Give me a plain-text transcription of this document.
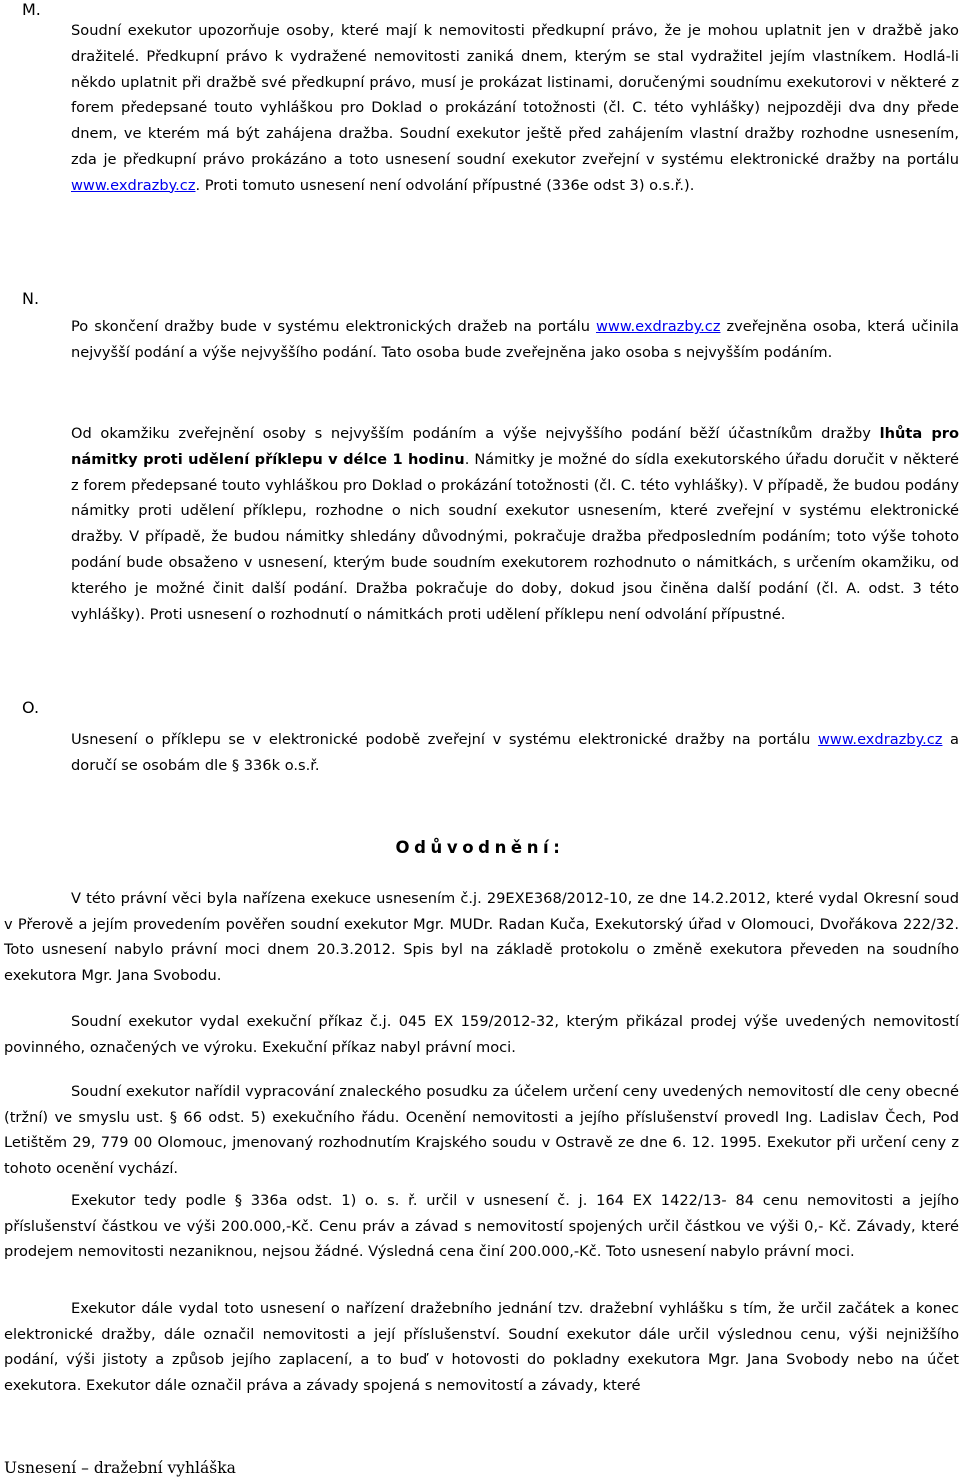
M.

Soudní exekutor upozorňuje osoby, které mají k nemovitosti předkupní právo, že je mohou uplatnit jen v dražbě jako dražitelé. Předkupní právo k vydražené nemovitosti zaniká dnem, kterým se stal vydražitel jejím vlastníkem. Hodlá-li někdo uplatnit při dražbě své předkupní právo, musí je prokázat listinami, doručenými soudnímu exekutorovi v některé z forem předepsané touto vyhláškou pro Doklad o prokázání totožnosti (čl. C. této vyhlášky) nejpozději dva dny přede dnem, ve kterém má být zahájena dražba. Soudní exekutor ještě před zahájením vlastní dražby rozhodne usnesením, zda je předkupní právo prokázáno a toto usnesení soudní exekutor zveřejní v systému elektronické dražby na portálu www.exdrazby.cz. Proti tomuto usnesení není odvolání přípustné (336e odst 3) o.s.ř.).

N.

Po skončení dražby bude v systému elektronických dražeb na portálu www.exdrazby.cz zveřejněna osoba, která učinila nejvyšší podání a výše nejvyššího podání. Tato osoba bude zveřejněna jako osoba s nejvyšším podáním.

Od okamžiku zveřejnění osoby s nejvyšším podáním a výše nejvyššího podání běží účastníkům dražby lhůta pro námitky proti udělení příklepu v délce 1 hodinu. Námitky je možné do sídla exekutorského úřadu doručit v některé z forem předepsané touto vyhláškou pro Doklad o prokázání totožnosti (čl. C. této vyhlášky). V případě, že budou podány námitky proti udělení příklepu, rozhodne o nich soudní exekutor usnesením, které zveřejní v systému elektronické dražby. V případě, že budou námitky shledány důvodnými, pokračuje dražba předposledním podáním; toto výše tohoto podání bude obsaženo v usnesení, kterým bude soudním exekutorem rozhodnuto o námitkách, s určením okamžiku, od kterého je možné činit další podání. Dražba pokračuje do doby, dokud jsou činěna další podání (čl. A. odst. 3 této vyhlášky). Proti usnesení o rozhodnutí o námitkách proti udělení příklepu není odvolání přípustné.

O.

Usnesení o příklepu se v elektronické podobě zveřejní v systému elektronické dražby na portálu www.exdrazby.cz a doručí se osobám dle § 336k o.s.ř.

Odůvodnění:

V této právní věci byla nařízena exekuce usnesením č.j. 29EXE368/2012-10, ze dne 14.2.2012, které vydal Okresní soud v Přerově a jejím provedením pověřen soudní exekutor Mgr. MUDr. Radan Kuča, Exekutorský úřad v Olomouci, Dvořákova 222/32. Toto usnesení nabylo právní moci dnem 20.3.2012. Spis byl na základě protokolu o změně exekutora převeden na soudního exekutora Mgr. Jana Svobodu.

Soudní exekutor vydal exekuční příkaz č.j. 045 EX 159/2012-32, kterým přikázal prodej výše uvedených nemovitostí povinného, označených ve výroku. Exekuční příkaz nabyl právní moci.

Soudní exekutor nařídil vypracování znaleckého posudku za účelem určení ceny uvedených nemovitostí dle ceny obecné (tržní) ve smyslu ust. § 66 odst. 5) exekučního řádu. Ocenění nemovitosti a jejího příslušenství provedl Ing. Ladislav Čech, Pod Letištěm 29, 779 00 Olomouc, jmenovaný rozhodnutím Krajského soudu v Ostravě ze dne 6. 12. 1995. Exekutor při určení ceny z tohoto ocenění vychází.

Exekutor tedy podle § 336a odst. 1) o. s. ř. určil v usnesení č. j. 164 EX 1422/13- 84 cenu nemovitosti a jejího příslušenství částkou ve výši 200.000,-Kč. Cenu práv a závad s nemovitostí spojených určil částkou ve výši 0,- Kč. Závady, které prodejem nemovitosti nezaniknou, nejsou žádné. Výsledná cena činí 200.000,-Kč. Toto usnesení nabylo právní moci.

Exekutor dále vydal toto usnesení o nařízení dražebního jednání tzv. dražební vyhlášku s tím, že určil začátek a konec elektronické dražby, dále označil nemovitosti a její příslušenství. Soudní exekutor dále určil výslednou cenu, výši nejnižšího podání, výši jistoty a způsob jejího zaplacení, a to buď v hotovosti do pokladny exekutora Mgr. Jana Svobody nebo na účet exekutora. Exekutor dále označil práva a závady spojená s nemovitostí a závady, které

Usnesení – dražební vyhláška
